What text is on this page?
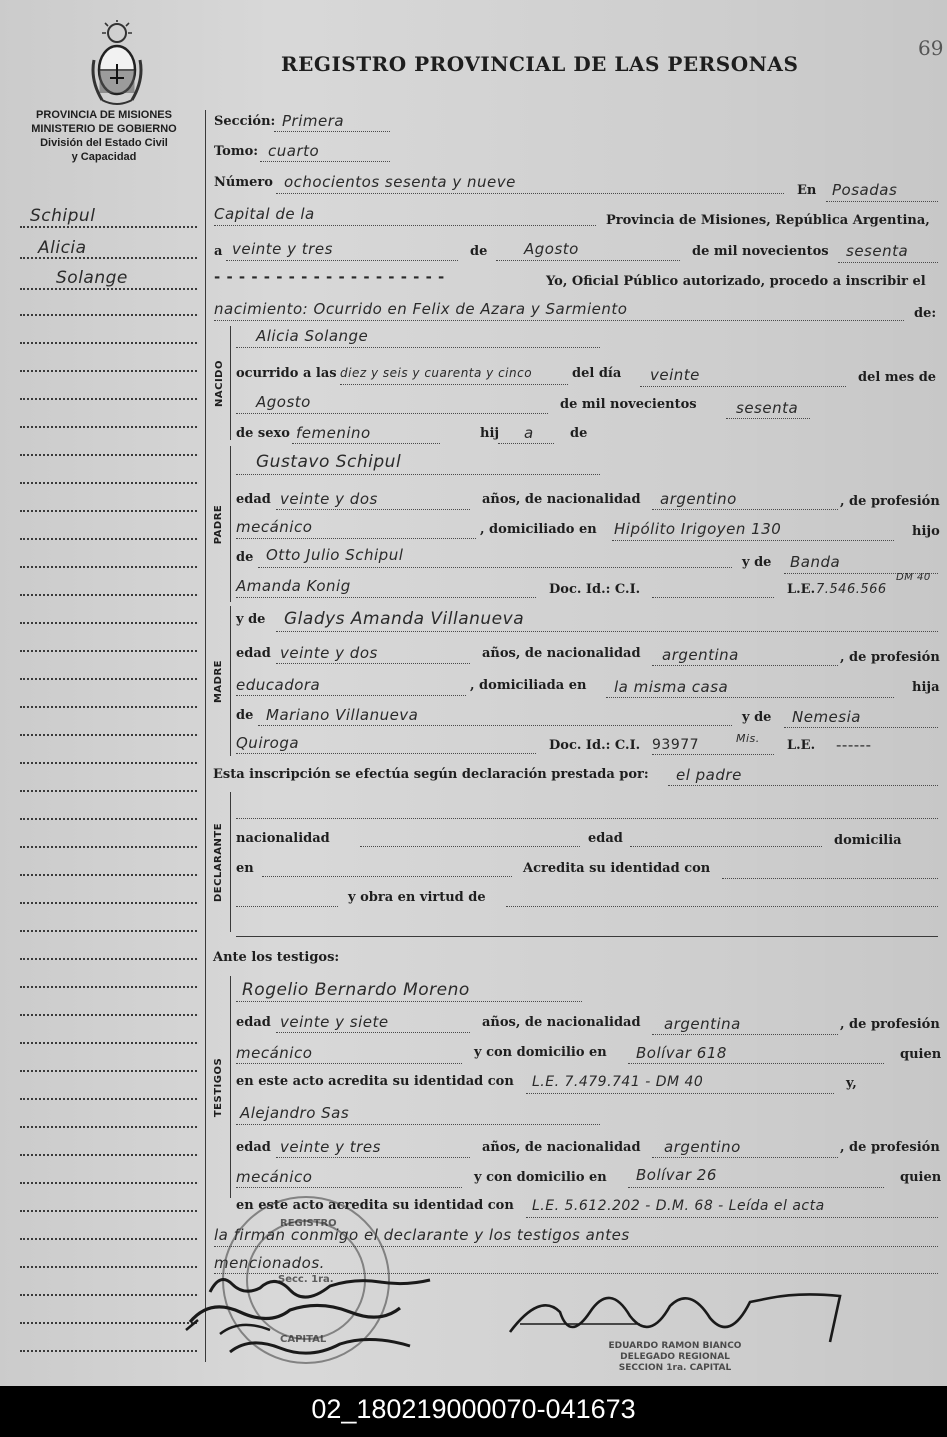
69
REGISTRO PROVINCIAL DE LAS PERSONAS
PROVINCIA DE MISIONES
MINISTERIO DE GOBIERNO
División del Estado Civil
y Capacidad
Schipul
Alicia
Solange
Sección: Primera
Tomo: cuarto
Número ochocientos sesenta y nueve	En Posadas
Capital de la	Provincia de Misiones, República Argentina,
a veinte y tres	de Agosto	de mil novecientos sesenta
- - - - - - - - - - - - - - - - - - -	Yo, Oficial Público autorizado, procedo a inscribir el
nacimiento: Ocurrido en Felix de Azara y Sarmiento	de:
NACIDO
Alicia Solange
ocurrido a las diez y seis y cuarenta y cinco	del día veinte	del mes de
Agosto	de mil novecientos	sesenta
de sexo femenino	hij a	de
PADRE
Gustavo Schipul
edad veinte y dos	años, de nacionalidad argentino	, de profesión
mecánico	, domiciliado en Hipólito Irigoyen 130	hijo
de Otto Julio Schipul	y de Banda
Amanda Konig	Doc. Id.: C.I.	L.E. 7.546.566
DM 40
MADRE
y de Gladys Amanda Villanueva
edad veinte y dos	años, de nacionalidad argentina	, de profesión
educadora	, domiciliada en la misma casa	hija
de Mariano Villanueva	y de Nemesia
Quiroga	Doc. Id.: C.I. 93977	Mis. L.E. ------
Esta inscripción se efectúa según declaración prestada por: el padre
DECLARANTE nacionalidad	edad	domicilia
en	Acredita su identidad con
y obra en virtud de
Ante los testigos:
TESTIGOS
Rogelio Bernardo Moreno
edad veinte y siete	años, de nacionalidad argentina	, de profesión
mecánico	y con domicilio en Bolívar 618	quien
en este acto acredita su identidad con L.E. 7.479.741 - DM 40	y,
Alejandro Sas
edad veinte y tres	años, de nacionalidad argentino	, de profesión
mecánico	y con domicilio en Bolívar 26	quien
en este acto acredita su identidad con L.E. 5.612.202 - D.M. 68 - Leída el acta
la firman conmigo el declarante y los testigos antes
mencionados.
REGISTRO
Secc. 1ra.
CAPITAL
EDUARDO RAMON BIANCO
DELEGADO REGIONAL
SECCION 1ra. CAPITAL
02_180219000070-041673
